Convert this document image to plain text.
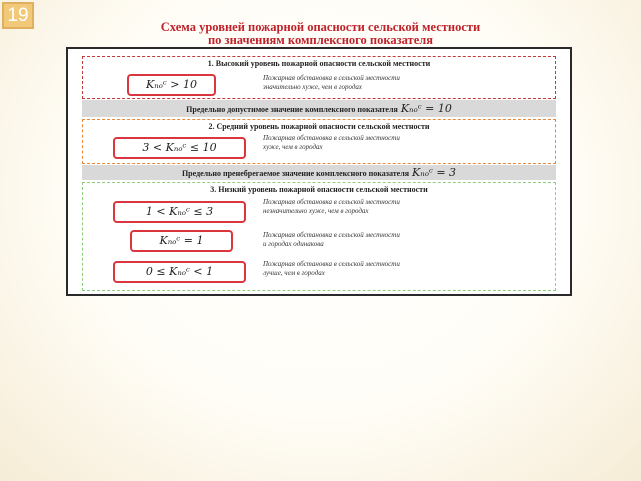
19
Схема уровней пожарной опасности сельской местности
по значениям комплексного показателя
1. Высокий уровень пожарной опасности сельской местности
Kₙₒᶜ > 10	Пожарная обстановка в сельской местности
значительно хуже, чем в городах
Предельно допустимое значение комплексного показателя Kₙₒᶜ = 10
2. Средний уровень пожарной опасности сельской местности
3 < Kₙₒᶜ ≤ 10
Пожарная обстановка в сельской местности
хуже, чем в городах
Предельно пренебрегаемое значение комплексного показателя Kₙₒᶜ = 3
3. Низкий уровень пожарной опасности сельской местности
1 < Kₙₒᶜ ≤ 3
Пожарная обстановка в сельской местности
незначительно хуже, чем в городах
Kₙₒᶜ = 1	Пожарная обстановка в сельской местности
и городах одинакова
0 ≤ Kₙₒᶜ < 1
Пожарная обстановка в сельской местности
лучше, чем в городах
